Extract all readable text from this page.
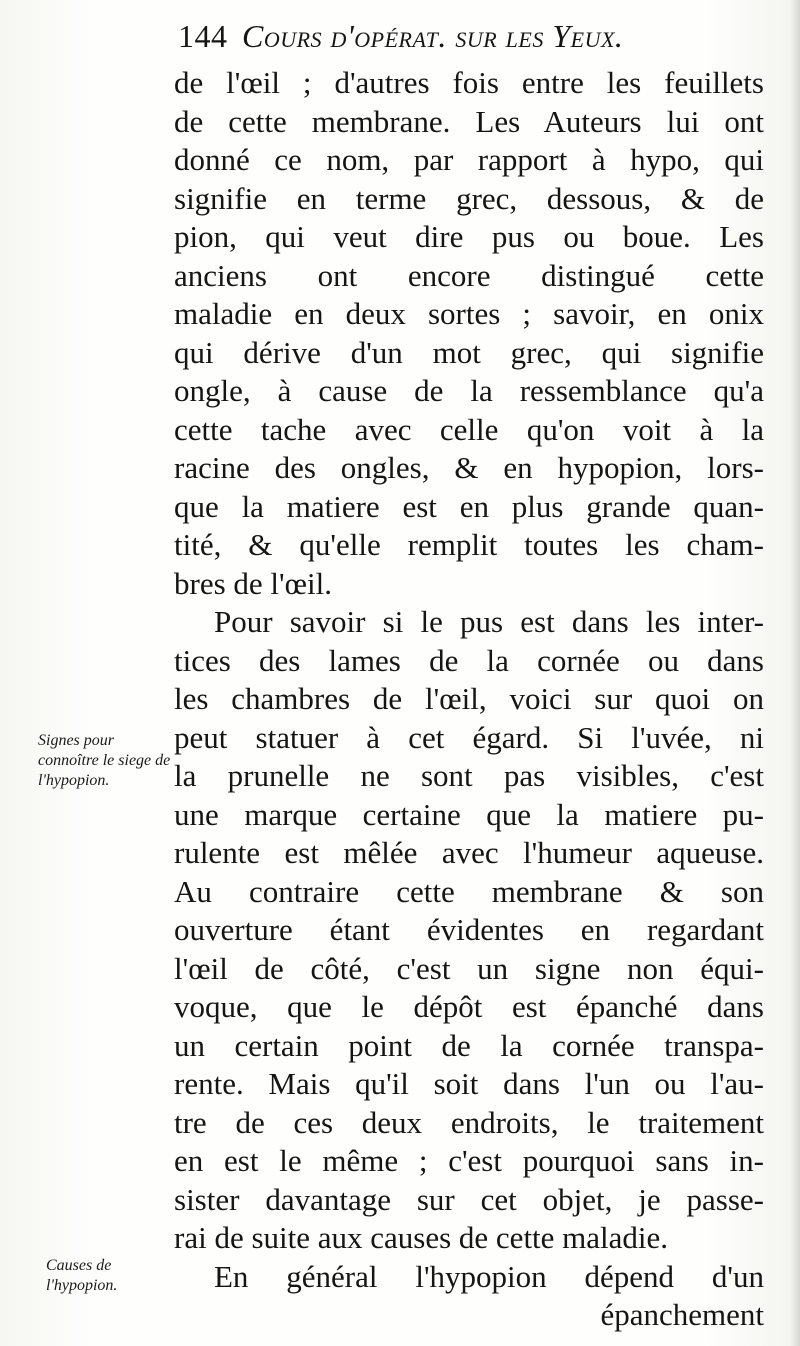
144 Cours d'opérat. sur les Yeux.
de l'œil ; d'autres fois entre les feuillets
de cette membrane. Les Auteurs lui ont
donné ce nom, par rapport à hypo, qui
signifie en terme grec, dessous, & de
pion, qui veut dire pus ou boue. Les
anciens ont encore distingué cette
maladie en deux sortes ; savoir, en onix
qui dérive d'un mot grec, qui signifie
ongle, à cause de la ressemblance qu'a
cette tache avec celle qu'on voit à la
racine des ongles, & en hypopion, lors-
que la matiere est en plus grande quan-
tité, & qu'elle remplit toutes les cham-
bres de l'œil.
Pour savoir si le pus est dans les inter-
tices des lames de la cornée ou dans
les chambres de l'œil, voici sur quoi on
peut statuer à cet égard. Si l'uvée, ni
la prunelle ne sont pas visibles, c'est
une marque certaine que la matiere pu-
rulente est mêlée avec l'humeur aqueuse.
Au contraire cette membrane & son
ouverture étant évidentes en regardant
l'œil de côté, c'est un signe non équi-
voque, que le dépôt est épanché dans
un certain point de la cornée transpa-
rente. Mais qu'il soit dans l'un ou l'au-
tre de ces deux endroits, le traitement
en est le même ; c'est pourquoi sans in-
sister davantage sur cet objet, je passe-
rai de suite aux causes de cette maladie.
En général l'hypopion dépend d'un
épanchement
Signes pour connoître le siege de l'hypopion.
Causes de l'hypopion.
